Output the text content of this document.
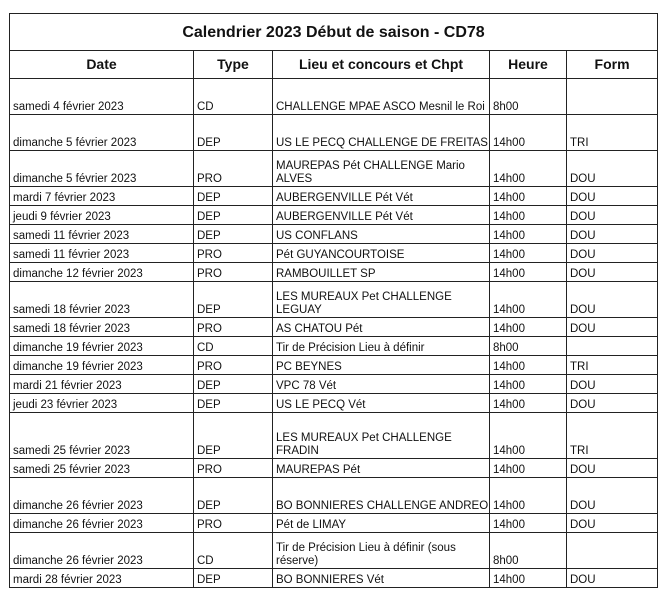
Calendrier 2023 Début de saison - CD78				
Date	Type	Lieu et concours et Chpt	Heure	Form
samedi 4 février 2023	CD	CHALLENGE MPAE ASCO Mesnil le Roi	8h00	
dimanche 5 février 2023	DEP	US LE PECQ CHALLENGE DE FREITAS	14h00	TRI
dimanche 5 février 2023	PRO	MAUREPAS Pét CHALLENGE Mario ALVES	14h00	DOU
mardi 7 février 2023	DEP	AUBERGENVILLE Pét Vét	14h00	DOU
jeudi 9 février 2023	DEP	AUBERGENVILLE Pét Vét	14h00	DOU
samedi 11 février 2023	DEP	US CONFLANS	14h00	DOU
samedi 11 février 2023	PRO	Pét GUYANCOURTOISE	14h00	DOU
dimanche 12 février 2023	PRO	RAMBOUILLET SP	14h00	DOU
samedi 18 février 2023	DEP	LES MUREAUX Pet CHALLENGE LEGUAY	14h00	DOU
samedi 18 février 2023	PRO	AS CHATOU Pét	14h00	DOU
dimanche 19 février 2023	CD	Tir de Précision Lieu à définir	8h00	
dimanche 19 février 2023	PRO	PC BEYNES	14h00	TRI
mardi 21 février 2023	DEP	VPC 78 Vét	14h00	DOU
jeudi 23 février 2023	DEP	US LE PECQ Vét	14h00	DOU
samedi 25 février 2023	DEP	LES MUREAUX Pet CHALLENGE FRADIN	14h00	TRI
samedi 25 février 2023	PRO	MAUREPAS Pét	14h00	DOU
dimanche 26 février 2023	DEP	BO BONNIERES CHALLENGE ANDREO	14h00	DOU
dimanche 26 février 2023	PRO	Pét de LIMAY	14h00	DOU
dimanche 26 février 2023	CD	Tir de Précision Lieu à définir (sous réserve)	8h00	
mardi 28 février 2023	DEP	BO BONNIERES Vét	14h00	DOU
